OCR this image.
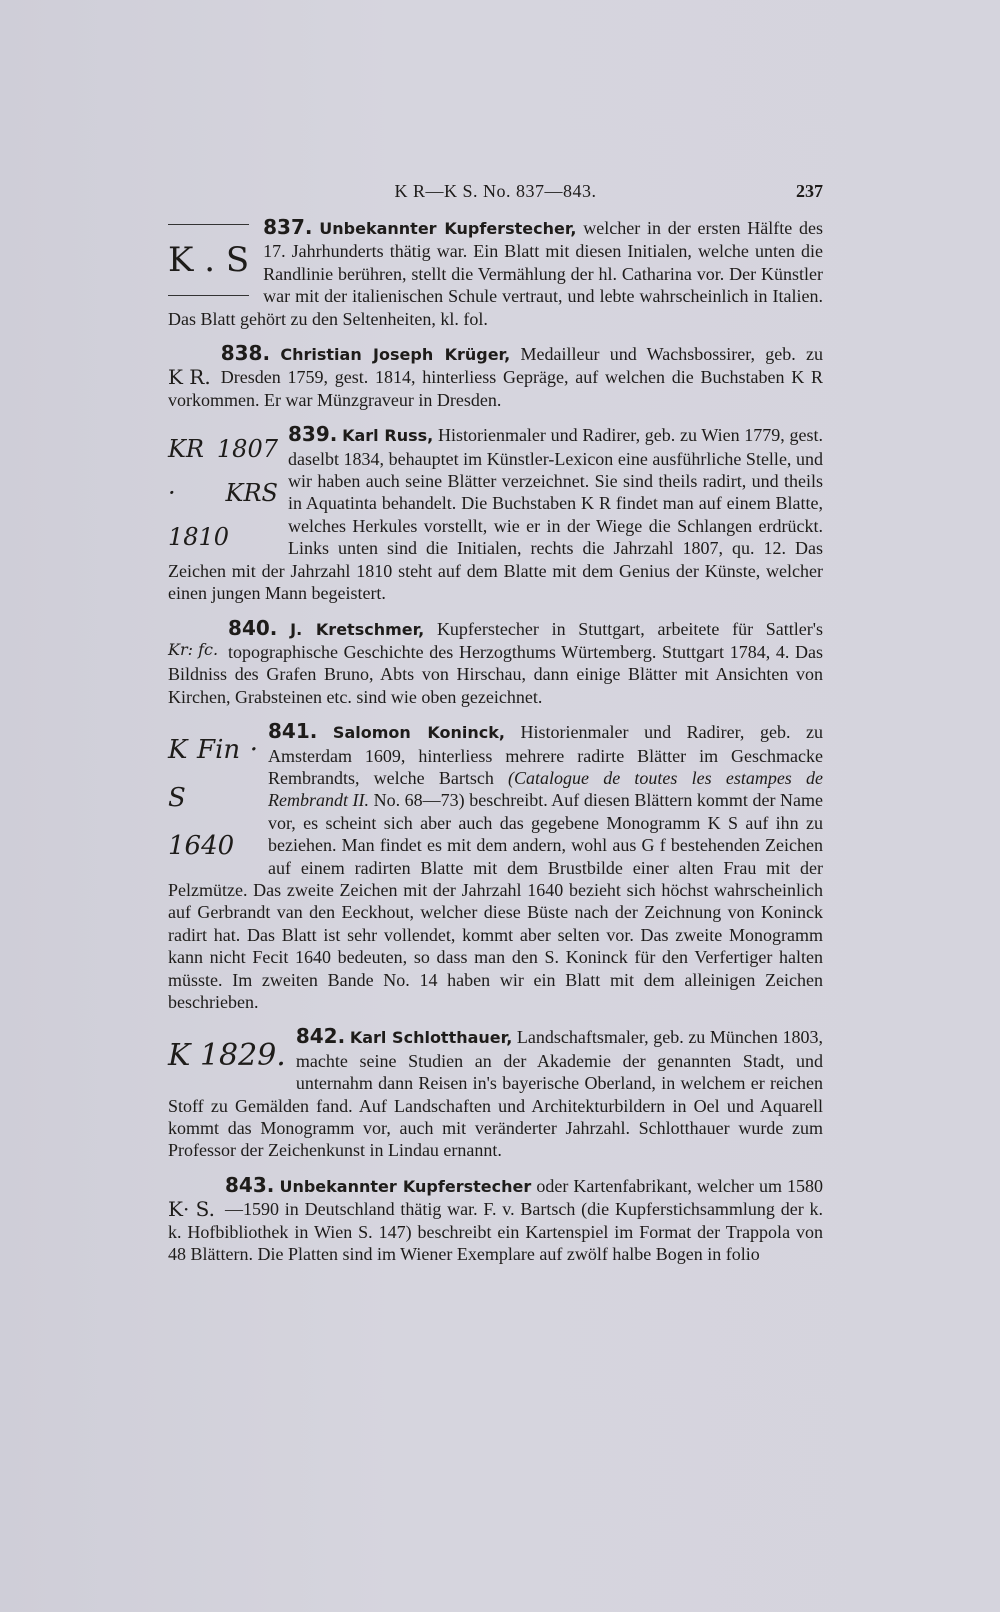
K R—K S. No. 837—843.	237
K . S
837. Unbekannter Kupferstecher, welcher in der ersten Hälfte des 17. Jahrhunderts thätig war. Ein Blatt mit diesen Initialen, welche unten die Randlinie berühren, stellt die Vermählung der hl. Catharina vor. Der Künstler war mit der italienischen Schule vertraut, und lebte wahrscheinlich in Italien. Das Blatt gehört zu den Seltenheiten, kl. fol.
838. Christian Joseph Krüger,
K R.
Medailleur und Wachsbossirer, geb. zu Dresden 1759, gest. 1814, hinterliess Gepräge, auf welchen die Buchstaben K R vorkommen. Er war Münzgraveur in Dresden.
839. Karl Russ,
KR 1807 · KRS 1810
Historienmaler und Radirer, geb. zu Wien 1779, gest. daselbt 1834, behauptet im Künstler-Lexicon eine ausführliche Stelle, und wir haben auch seine Blätter verzeichnet. Sie sind theils radirt, und theils in Aquatinta behandelt. Die Buchstaben K R findet man auf einem Blatte, welches Herkules vorstellt, wie er in der Wiege die Schlangen erdrückt. Links unten sind die Initialen, rechts die Jahrzahl 1807, qu. 12. Das Zeichen mit der Jahrzahl 1810 steht auf dem Blatte mit dem Genius der Künste, welcher einen jungen Mann begeistert.
840. J. Kretschmer,
Kr: fc.
Kupferstecher in Stuttgart, arbeitete für Sattler's topographische Geschichte des Herzogthums Würtemberg. Stuttgart 1784, 4. Das Bildniss des Grafen Bruno, Abts von Hirschau, dann einige Blätter mit Ansichten von Kirchen, Grabsteinen etc. sind wie oben gezeichnet.
841. Salomon Koninck,
K Fin · S 1640
Historienmaler und Radirer, geb. zu Amsterdam 1609, hinterliess mehrere radirte Blätter im Geschmacke Rembrandts, welche Bartsch (Catalogue de toutes les estampes de Rembrandt II. No. 68—73) beschreibt. Auf diesen Blättern kommt der Name vor, es scheint sich aber auch das gegebene Monogramm K S auf ihn zu beziehen. Man findet es mit dem andern, wohl aus G f bestehenden Zeichen auf einem radirten Blatte mit dem Brustbilde einer alten Frau mit der Pelzmütze. Das zweite Zeichen mit der Jahrzahl 1640 bezieht sich höchst wahrscheinlich auf Gerbrandt van den Eeckhout, welcher diese Büste nach der Zeichnung von Koninck radirt hat. Das Blatt ist sehr vollendet, kommt aber selten vor. Das zweite Monogramm kann nicht Fecit 1640 bedeuten, so dass man den S. Koninck für den Verfertiger halten müsste. Im zweiten Bande No. 14 haben wir ein Blatt mit dem alleinigen Zeichen beschrieben.
842. Karl Schlotthauer,
K 1829.
Landschaftsmaler, geb. zu München 1803, machte seine Studien an der Akademie der genannten Stadt, und unternahm dann Reisen in's bayerische Oberland, in welchem er reichen Stoff zu Gemälden fand. Auf Landschaften und Architekturbildern in Oel und Aquarell kommt das Monogramm vor, auch mit veränderter Jahrzahl. Schlotthauer wurde zum Professor der Zeichenkunst in Lindau ernannt.
843. Unbekannter Kupferstecher
K· S.
oder Kartenfabrikant, welcher um 1580—1590 in Deutschland thätig war. F. v. Bartsch (die Kupferstichsammlung der k. k. Hofbibliothek in Wien S. 147) beschreibt ein Kartenspiel im Format der Trappola von 48 Blättern. Die Platten sind im Wiener Exemplare auf zwölf halbe Bogen in folio
